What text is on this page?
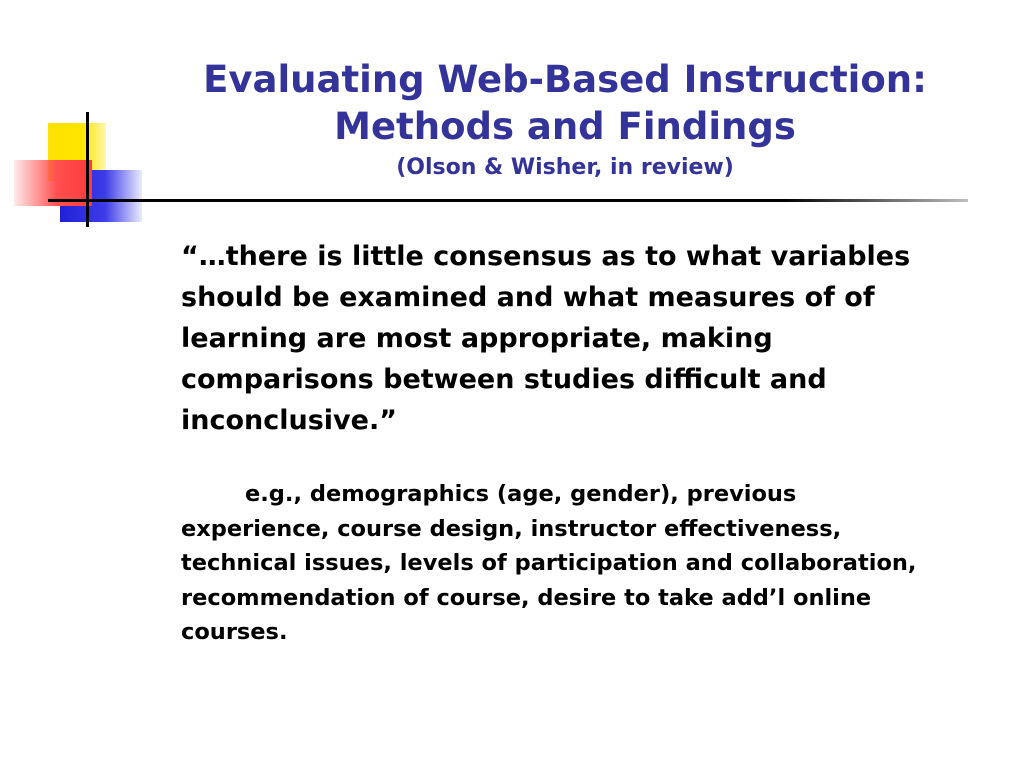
Evaluating Web-Based Instruction:
Methods and Findings
(Olson & Wisher, in review)

“…there is little consensus as to what variables should be examined and what measures of of learning are most appropriate, making comparisons between studies difficult and inconclusive.”

e.g., demographics (age, gender), previous experience, course design, instructor effectiveness, technical issues, levels of participation and collaboration, recommendation of course, desire to take add’l online courses.
